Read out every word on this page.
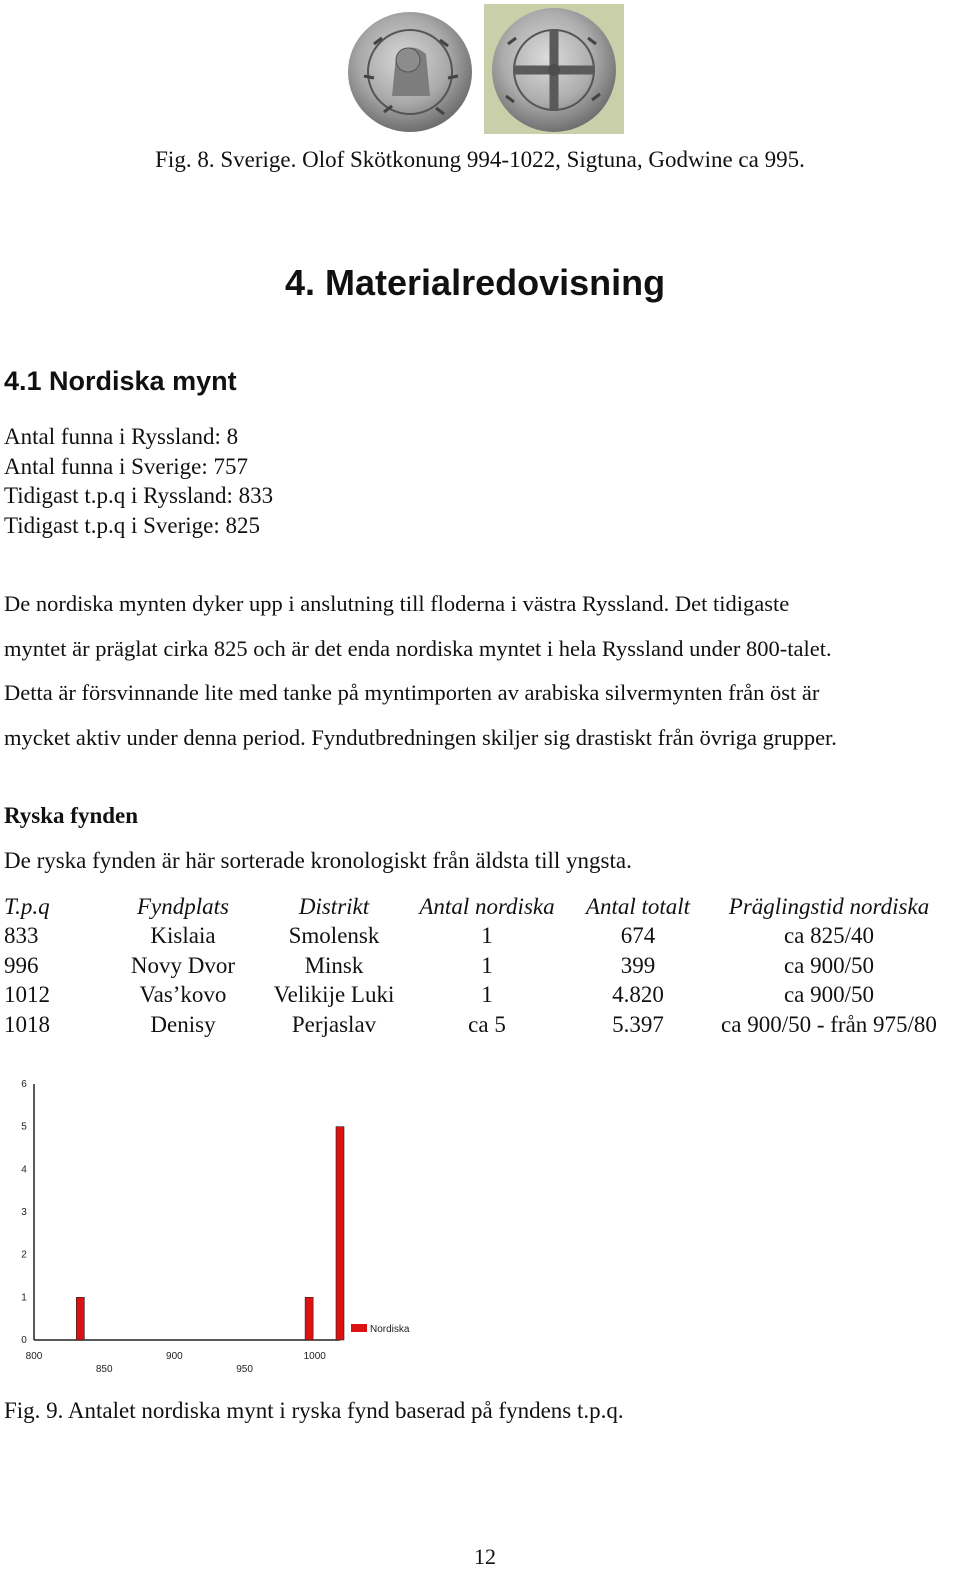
Fig. 8. Sverige. Olof Skötkonung 994-1022, Sigtuna, Godwine ca 995.
4. Materialredovisning
4.1 Nordiska mynt
Antal funna i Ryssland: 8
Antal funna i Sverige: 757
Tidigast t.p.q i Ryssland: 833
Tidigast t.p.q i Sverige: 825
De nordiska mynten dyker upp i anslutning till floderna i västra Ryssland. Det tidigaste
myntet är präglat cirka 825 och är det enda nordiska myntet i hela Ryssland under 800-talet.
Detta är försvinnande lite med tanke på myntimporten av arabiska silvermynten från öst är
mycket aktiv under denna period. Fyndutbredningen skiljer sig drastiskt från övriga grupper.
Ryska fynden
De ryska fynden är här sorterade kronologiskt från äldsta till yngsta.
T.p.q	Fyndplats	Distrikt	Antal nordiska	Antal totalt	Präglingstid nordiska
833	Kislaia	Smolensk	1	674	ca 825/40
996	Novy Dvor	Minsk	1	399	ca 900/50
1012	Vas’kovo	Velikije Luki	1	4.820	ca 900/50
1018	Denisy	Perjaslav	ca 5	5.397	ca 900/50 - från 975/80
0
1
2
3
4
5
6
800	900	1000
850	950
Nordiska
Fig. 9. Antalet nordiska mynt i ryska fynd baserad på fyndens t.p.q.
12
